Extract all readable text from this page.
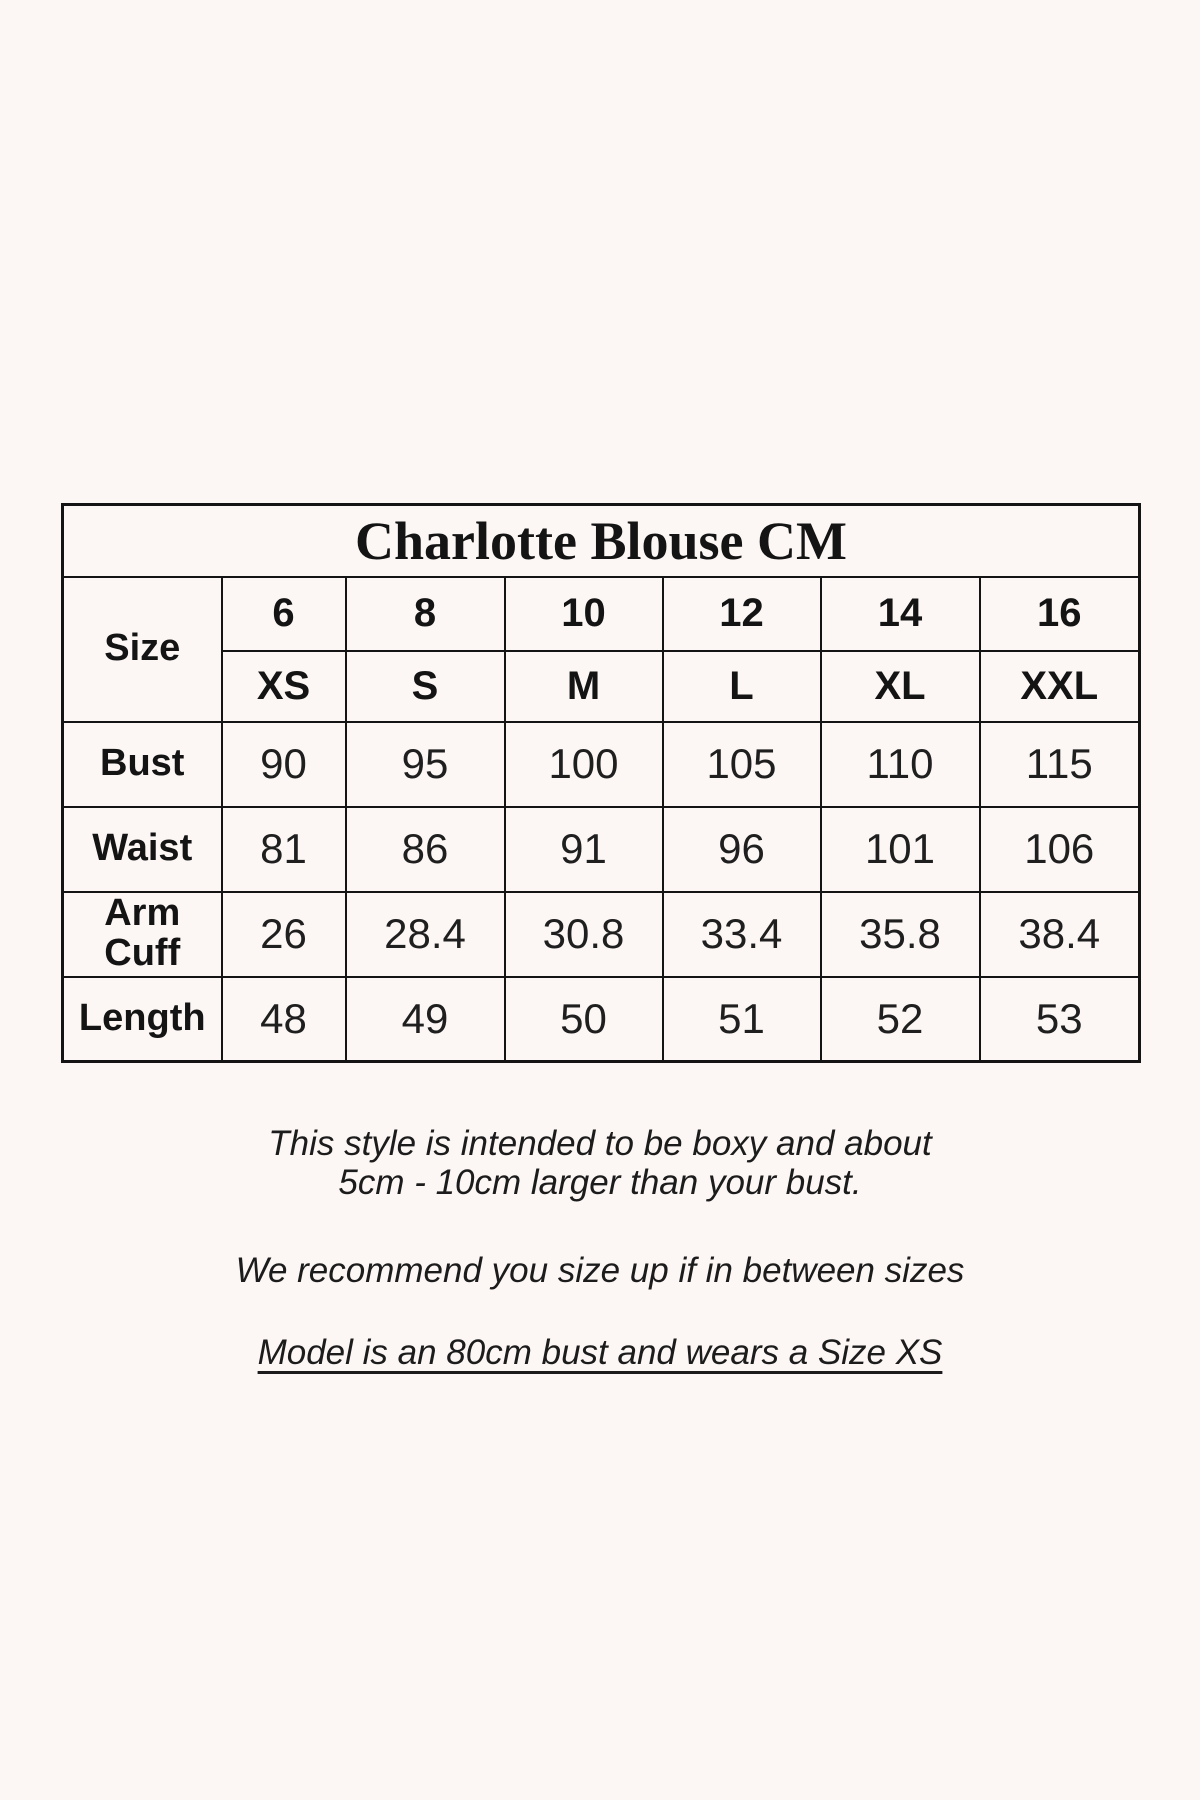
Charlotte Blouse CM						
Size	6	8	10	12	14	16
	XS	S	M	L	XL	XXL
Bust	90	95	100	105	110	115
Waist	81	86	91	96	101	106
Arm Cuff	26	28.4	30.8	33.4	35.8	38.4
Length	48	49	50	51	52	53

This style is intended to be boxy and about
5cm - 10cm larger than your bust.

We recommend you size up if in between sizes

Model is an 80cm bust and wears a Size XS
